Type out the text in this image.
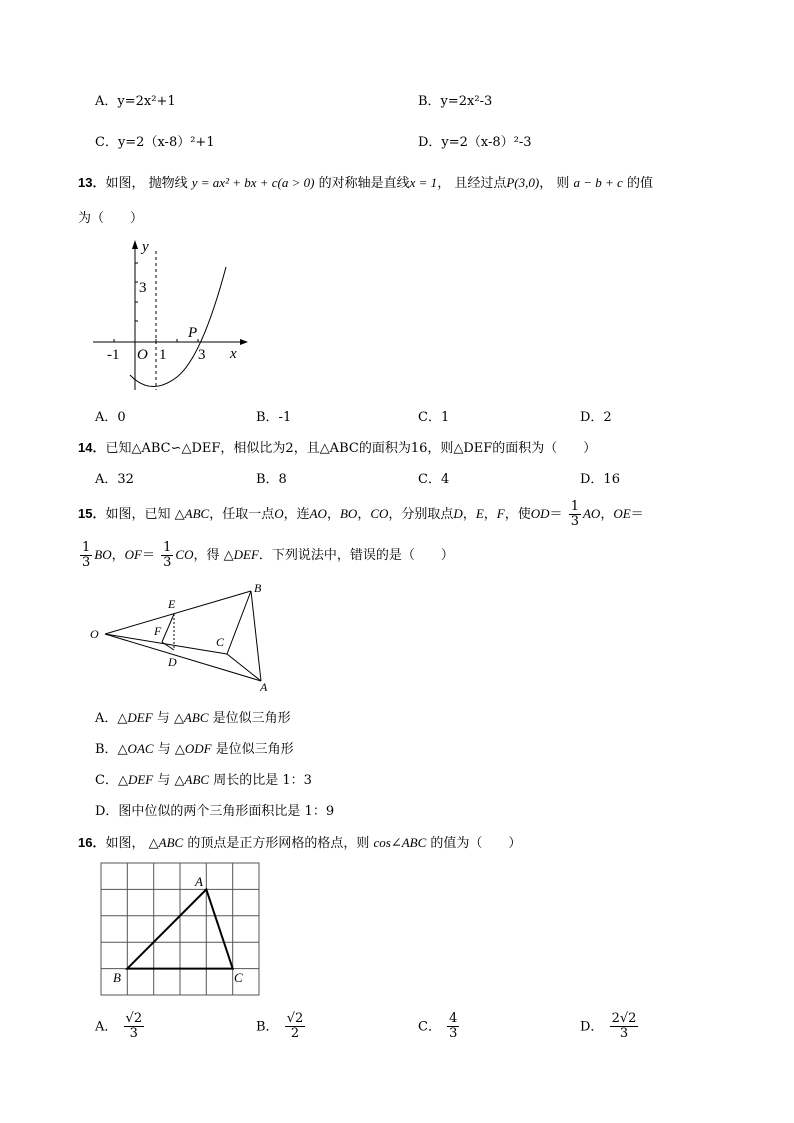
A．y=2x²+1	B．y=2x²-3
C．y=2（x-8）²+1	D．y=2（x-8）²-3
13．如图， 抛物线 y = ax² + bx + c(a > 0) 的对称轴是直线x = 1， 且经过点P(3,0)， 则 a − b + c 的值
为（　　）
y
x
O
-1	1 3
3
P
A．0	B．-1	C．1	D．2
14．已知△ABC∽△DEF，相似比为2，且△ABC的面积为16，则△DEF的面积为（　　）
A．32	B．8	C．4	D．16
15．如图，已知 △ABC，任取一点O，连AO，BO，CO，分别取点D，E，F，使$OD= \frac{1}{3}$ AO，OE＝
$\frac{1}{3}$ BO，$OF= \frac{1}{3}$ CO，得 △DEF．下列说法中，错误的是（　　）
O
E
F
D
C
B
A
A．△DEF 与 △ABC 是位似三角形
B．△OAC 与 △ODF 是位似三角形
C．△DEF 与 △ABC 周长的比是 1：3
D．图中位似的两个三角形面积比是 1：9
16．如图， △ABC 的顶点是正方形网格的格点，则 cos∠ABC 的值为（　　）
A
B	C
A． $\frac{√2}{3}$	B． $\frac{√2}{2}$	C． $\frac{4}{3}$	D． $\frac{2√2}{3}$
